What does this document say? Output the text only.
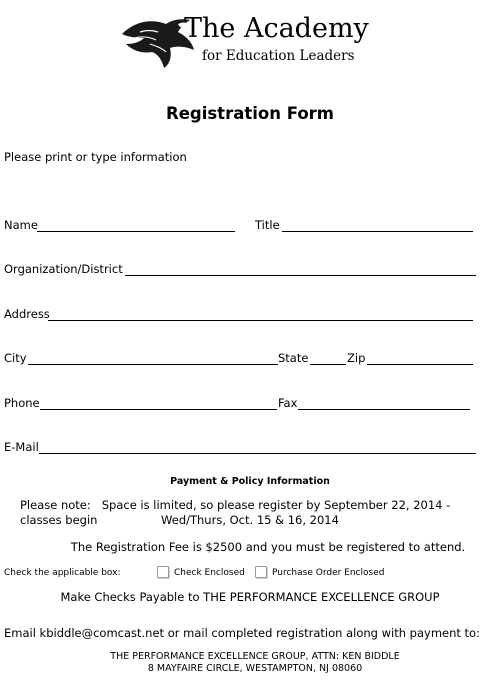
The Academy
for Education Leaders
Registration Form
Please print or type information
Name	Title
Organization/District
Address
City	State	Zip
Phone	Fax
E-Mail
Payment & Policy Information
Please note: Space is limited, so please register by September 22, 2014 - classes begin	Wed/Thurs, Oct. 15 & 16, 2014
The Registration Fee is $2500 and you must be registered to attend.
Check the applicable box:	Check Enclosed	Purchase Order Enclosed
Make Checks Payable to THE PERFORMANCE EXCELLENCE GROUP
Email kbiddle@comcast.net or mail completed registration along with payment to:
THE PERFORMANCE EXCELLENCE GROUP, ATTN: KEN BIDDLE
8 MAYFAIRE CIRCLE, WESTAMPTON, NJ 08060
